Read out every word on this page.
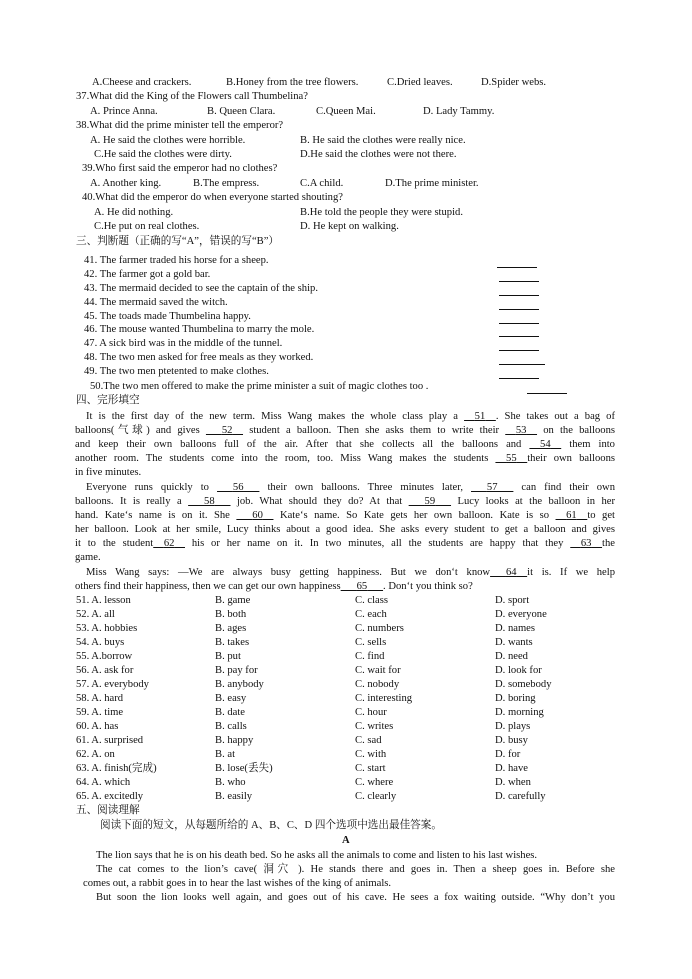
A.Cheese and crackers.	B.Honey from the tree flowers.	C.Dried leaves.	D.Spider webs.
37.What did the King of the Flowers call Thumbelina?
A. Prince Anna.	B. Queen Clara.	C.Queen Mai.	D. Lady Tammy.
38.What did the prime minister tell the emperor?
A. He said the clothes were horrible.	B. He said the clothes were really nice.
C.He said the clothes were dirty.	D.He said the clothes were not there.
39.Who first said the emperor had no clothes?
A. Another king.	B.The empress.	C.A child.	D.The prime minister.
40.What did the emperor do when everyone started shouting?
A. He did nothing.	B.He told the people they were stupid.
C.He put on real clothes.	D. He kept on walking.
三、判断题（正确的写“A”，错误的写“B”）
41. The farmer traded his horse for a sheep.
42. The farmer got a gold bar.
43. The mermaid decided to see the captain of the ship.
44. The mermaid saved the witch.
45. The toads made Thumbelina happy.
46. The mouse wanted Thumbelina to marry the mole.
47. A sick bird was in the middle of the tunnel.
48. The two men asked for free meals as they worked.
49. The two men ptetented to make clothes.
50.The two men offered to make the prime minister a suit of magic clothes too .
四、完形填空
It is the first day of the new term. Miss Wang makes the whole class play a   51   . She takes out a bag of
balloons(气球) and gives    52   student a balloon. Then she asks them to write their   53   on the balloons
and keep their own balloons full of the air. After that she collects all the balloons and   54   them into
another room. The students come into the room, too. Miss Wang makes the students   55   their own balloons
in five minutes.
Everyone runs quickly to    56    their own balloons. Three minutes later,    57    can find their own
balloons. It is really a    58    job. What should they do? At that    59    Lucy looks at the balloon in her
hand. Kate‘s name is on it. She    60   Kate‘s name. So Kate gets her own balloon. Kate is so   61   to get
her balloon. Look at her smile, Lucy thinks about a good idea. She asks every student to get a balloon and gives
it to the student   62   his or her name on it. In two minutes, all the students are happy that they   63   the
game.
Miss Wang says: —We are always busy getting happiness. But we don‘t know    64   it is. If we help
others find their happiness, then we can get our own happiness    65    . Don‘t you think so?
51. A. lesson	B. game	C. class	D. sport
52. A. all	B. both	C. each	D. everyone
53. A. hobbies	B. ages	C. numbers	D. names
54. A. buys	B. takes	C. sells	D. wants
55. A.borrow	B. put	C. find	D. need
56. A. ask for	B. pay for	C. wait for	D. look for
57. A. everybody	B. anybody	C. nobody	D. somebody
58. A. hard	B. easy	C. interesting	D. boring
59. A. time	B. date	C. hour	D. morning
60. A. has	B. calls	C. writes	D. plays
61. A. surprised	B. happy	C. sad	D. busy
62. A. on	B. at	C. with	D. for
63. A. finish(完成)	B. lose(丢失)	C. start	D. have
64. A. which	B. who	C. where	D. when
65. A. excitedly	B. easily	C. clearly	D. carefully
五、阅读理解
阅读下面的短文，从每题所给的 A、B、C、D 四个选项中选出最佳答案。
A
The lion says that he is on his death bed. So he asks all the animals to come and listen to his last wishes.
The cat comes to the lion’s cave( 洞穴 ). He stands there and goes in. Then a sheep goes in. Before she
comes out, a rabbit goes in to hear the last wishes of the king of animals.
But soon the lion looks well again, and goes out of his cave. He sees a fox waiting outside. “Why don’t you
